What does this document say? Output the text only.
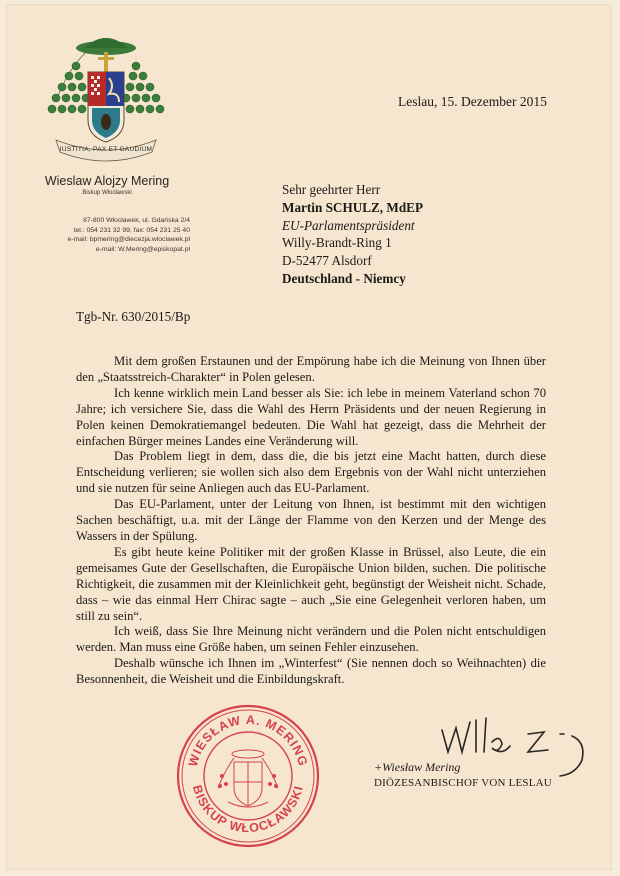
IUSTITIA, PAX ET GAUDIUM
Wieslaw Alojzy Mering
Biskup Włocławski
87-800 Włocławek, ul. Gdańska 2/4
tel.: 054 231 32 99, fax: 054 231 25 40
e-mail: bpmering@diecezja.wloclawek.pl
e-mail: W.Mering@episkopat.pl
Leslau, 15. Dezember 2015
Sehr geehrter Herr
Martin SCHULZ, MdEP
EU-Parlamentspräsident
Willy-Brandt-Ring 1
D-52477 Alsdorf
Deutschland - Niemcy
Tgb-Nr. 630/2015/Bp

Mit dem großen Erstaunen und der Empörung habe ich die Meinung von Ihnen über den „Staatsstreich-Charakter“ in Polen gelesen.

Ich kenne wirklich mein Land besser als Sie: ich lebe in meinem Vaterland schon 70 Jahre; ich versichere Sie, dass die Wahl des Herrn Präsidents und der neuen Regierung in Polen keinen Demokratiemangel bedeuten. Die Wahl hat gezeigt, dass die Mehrheit der einfachen Bürger meines Landes eine Veränderung will.

Das Problem liegt in dem, dass die, die bis jetzt eine Macht hatten, durch diese Entscheidung verlieren; sie wollen sich also dem Ergebnis von der Wahl nicht unterziehen und sie nutzen für seine Anliegen auch das EU-Parlament.

Das EU-Parlament, unter der Leitung von Ihnen, ist bestimmt mit den wichtigen Sachen beschäftigt, u.a. mit der Länge der Flamme von den Kerzen und der Menge des Wassers in der Spülung.

Es gibt heute keine Politiker mit der großen Klasse in Brüssel, also Leute, die ein gemeisames Gute der Gesellschaften, die Europäische Union bilden, suchen. Die politische Richtigkeit, die zusammen mit der Kleinlichkeit geht, begünstigt der Weisheit nicht. Schade, dass – wie das einmal Herr Chirac sagte – auch „Sie eine Gelegenheit verloren haben, um still zu sein“.

Ich weiß, dass Sie Ihre Meinung nicht verändern und die Polen nicht entschuldigen werden. Man muss eine Größe haben, um seinen Fehler einzusehen.

Deshalb wünsche ich Ihnen im „Winterfest“ (Sie nennen doch so Weihnachten) die Besonnenheit, die Weisheit und die Einbildungskraft.

WIESŁAW A. MERING
BISKUP WŁOCŁAWSKI
+Wiesław Mering
DIÖZESANBISCHOF VON LESLAU
